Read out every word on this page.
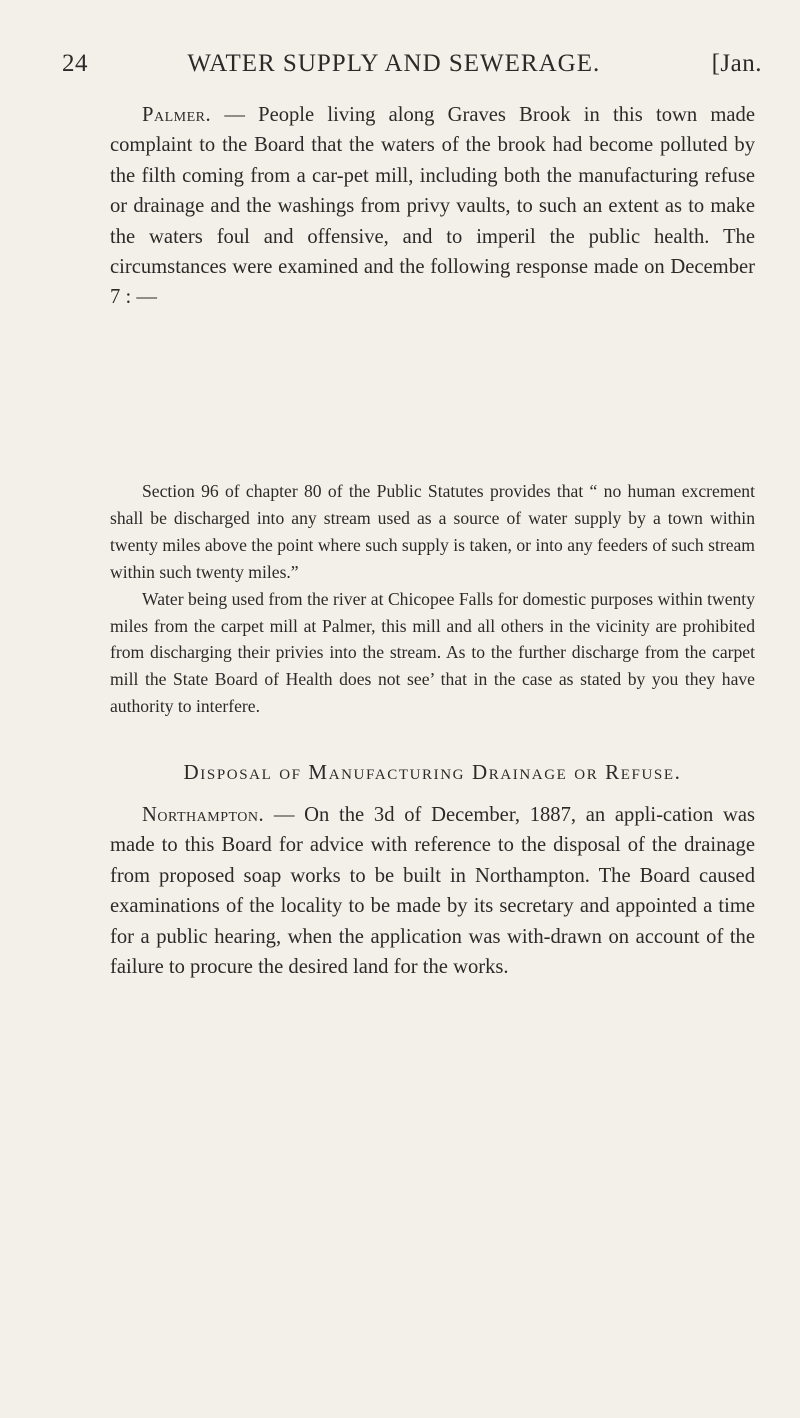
24	WATER SUPPLY AND SEWERAGE.	[Jan.

Palmer. — People living along Graves Brook in this town made complaint to the Board that the waters of the brook had become polluted by the filth coming from a car-pet mill, including both the manufacturing refuse or drainage and the washings from privy vaults, to such an extent as to make the waters foul and offensive, and to imperil the public health. The circumstances were examined and the following response made on December 7 : —

Section 96 of chapter 80 of the Public Statutes provides that “ no human excrement shall be discharged into any stream used as a source of water supply by a town within twenty miles above the point where such supply is taken, or into any feeders of such stream within such twenty miles.”

Water being used from the river at Chicopee Falls for domestic purposes within twenty miles from the carpet mill at Palmer, this mill and all others in the vicinity are prohibited from discharging their privies into the stream. As to the further discharge from the carpet mill the State Board of Health does not see’ that in the case as stated by you they have authority to interfere.

Disposal of Manufacturing Drainage or Refuse.

Northampton. — On the 3d of December, 1887, an appli-cation was made to this Board for advice with reference to the disposal of the drainage from proposed soap works to be built in Northampton. The Board caused examinations of the locality to be made by its secretary and appointed a time for a public hearing, when the application was with-drawn on account of the failure to procure the desired land for the works.
